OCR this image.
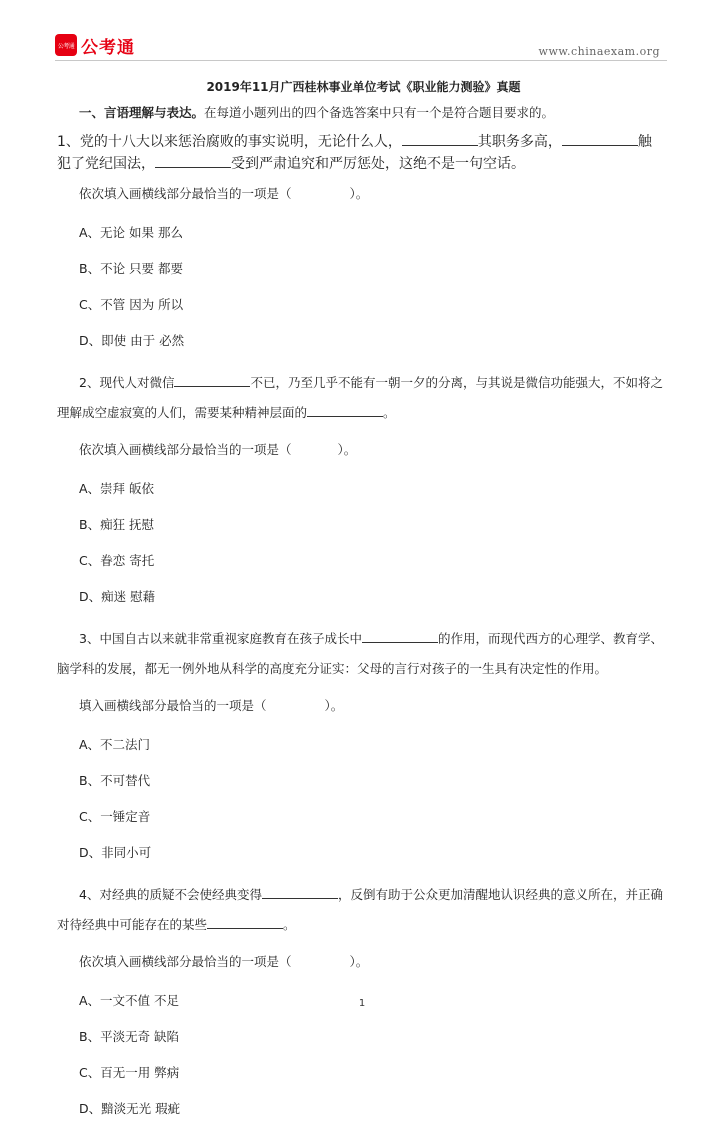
公考通 公考通	www.chinaexam.org
2019年11月广西桂林事业单位考试《职业能力测验》真题
一、言语理解与表达。在每道小题列出的四个备选答案中只有一个是符合题目要求的。
1、党的十八大以来惩治腐败的事实说明，无论什么人，	其职务多高，	触
犯了党纪国法，	受到严肃追究和严厉惩处，这绝不是一句空话。
依次填入画横线部分最恰当的一项是（	）。
A、无论 如果 那么
B、不论 只要 都要
C、不管 因为 所以
D、即使 由于 必然
2、现代人对微信	不已，乃至几乎不能有一朝一夕的分离，与其说是微信功能强大，不如将之
理解成空虚寂寞的人们，需要某种精神层面的	。
依次填入画横线部分最恰当的一项是（	）。
A、崇拜 皈依
B、痴狂 抚慰
C、眷恋 寄托
D、痴迷 慰藉
3、中国自古以来就非常重视家庭教育在孩子成长中	的作用，而现代西方的心理学、教育学、
脑学科的发展，都无一例外地从科学的高度充分证实：父母的言行对孩子的一生具有决定性的作用。
填入画横线部分最恰当的一项是（	）。
A、不二法门
B、不可替代
C、一锤定音
D、非同小可
4、对经典的质疑不会使经典变得	，反倒有助于公众更加清醒地认识经典的意义所在，并正确
对待经典中可能存在的某些	。
依次填入画横线部分最恰当的一项是（	）。
A、一文不值 不足
B、平淡无奇 缺陷
C、百无一用 弊病
D、黯淡无光 瑕疵
1
